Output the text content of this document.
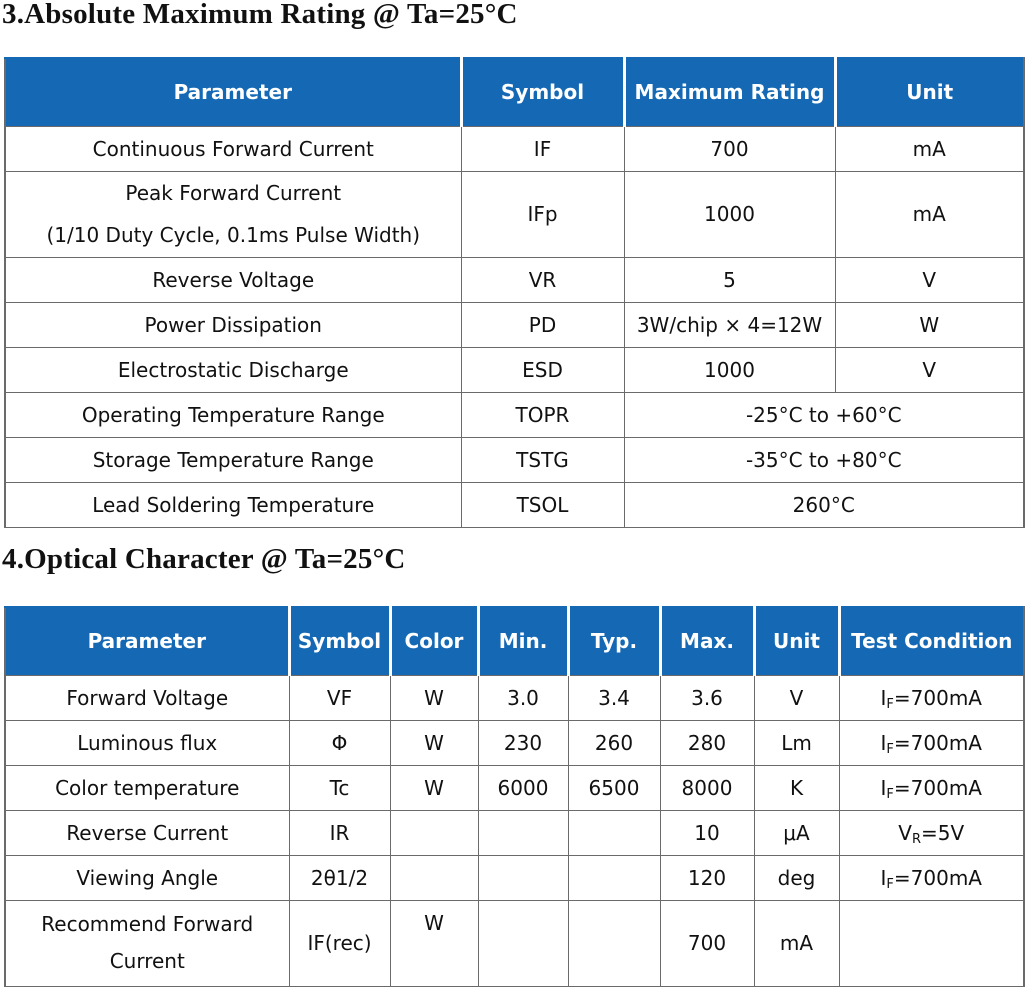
3.Absolute Maximum Rating @ Ta=25°C
Parameter	Symbol	Maximum Rating	Unit
Continuous Forward Current	IF	700	mA

Peak Forward Current
(1/10 Duty Cycle, 0.1ms Pulse Width)	IFp	1000	mA
Reverse Voltage	VR	5	V
Power Dissipation	PD	3W/chip × 4=12W	W
Electrostatic Discharge	ESD	1000	V
Operating Temperature Range	TOPR	-25°C to +60°C	
Storage Temperature Range	TSTG	-35°C to +80°C	
Lead Soldering Temperature	TSOL	260°C	
4.Optical Character @ Ta=25°C
Parameter	Symbol	Color	Min.	Typ.	Max.	Unit	Test Condition
Forward Voltage	VF	W	3.0	3.4	3.6	V	$I_F=700mA$
Luminous flux	Φ	W	230	260	280	Lm	$I_F=700mA$
Color temperature	Tc	W	6000	6500	8000	K	$I_F=700mA$
Reverse Current	IR				10	μA	$V_R=5V$
Viewing Angle	2θ1/2				120	deg	$I_F=700mA$
Recommend Forward Current	IF(rec)	W			700	mA	
